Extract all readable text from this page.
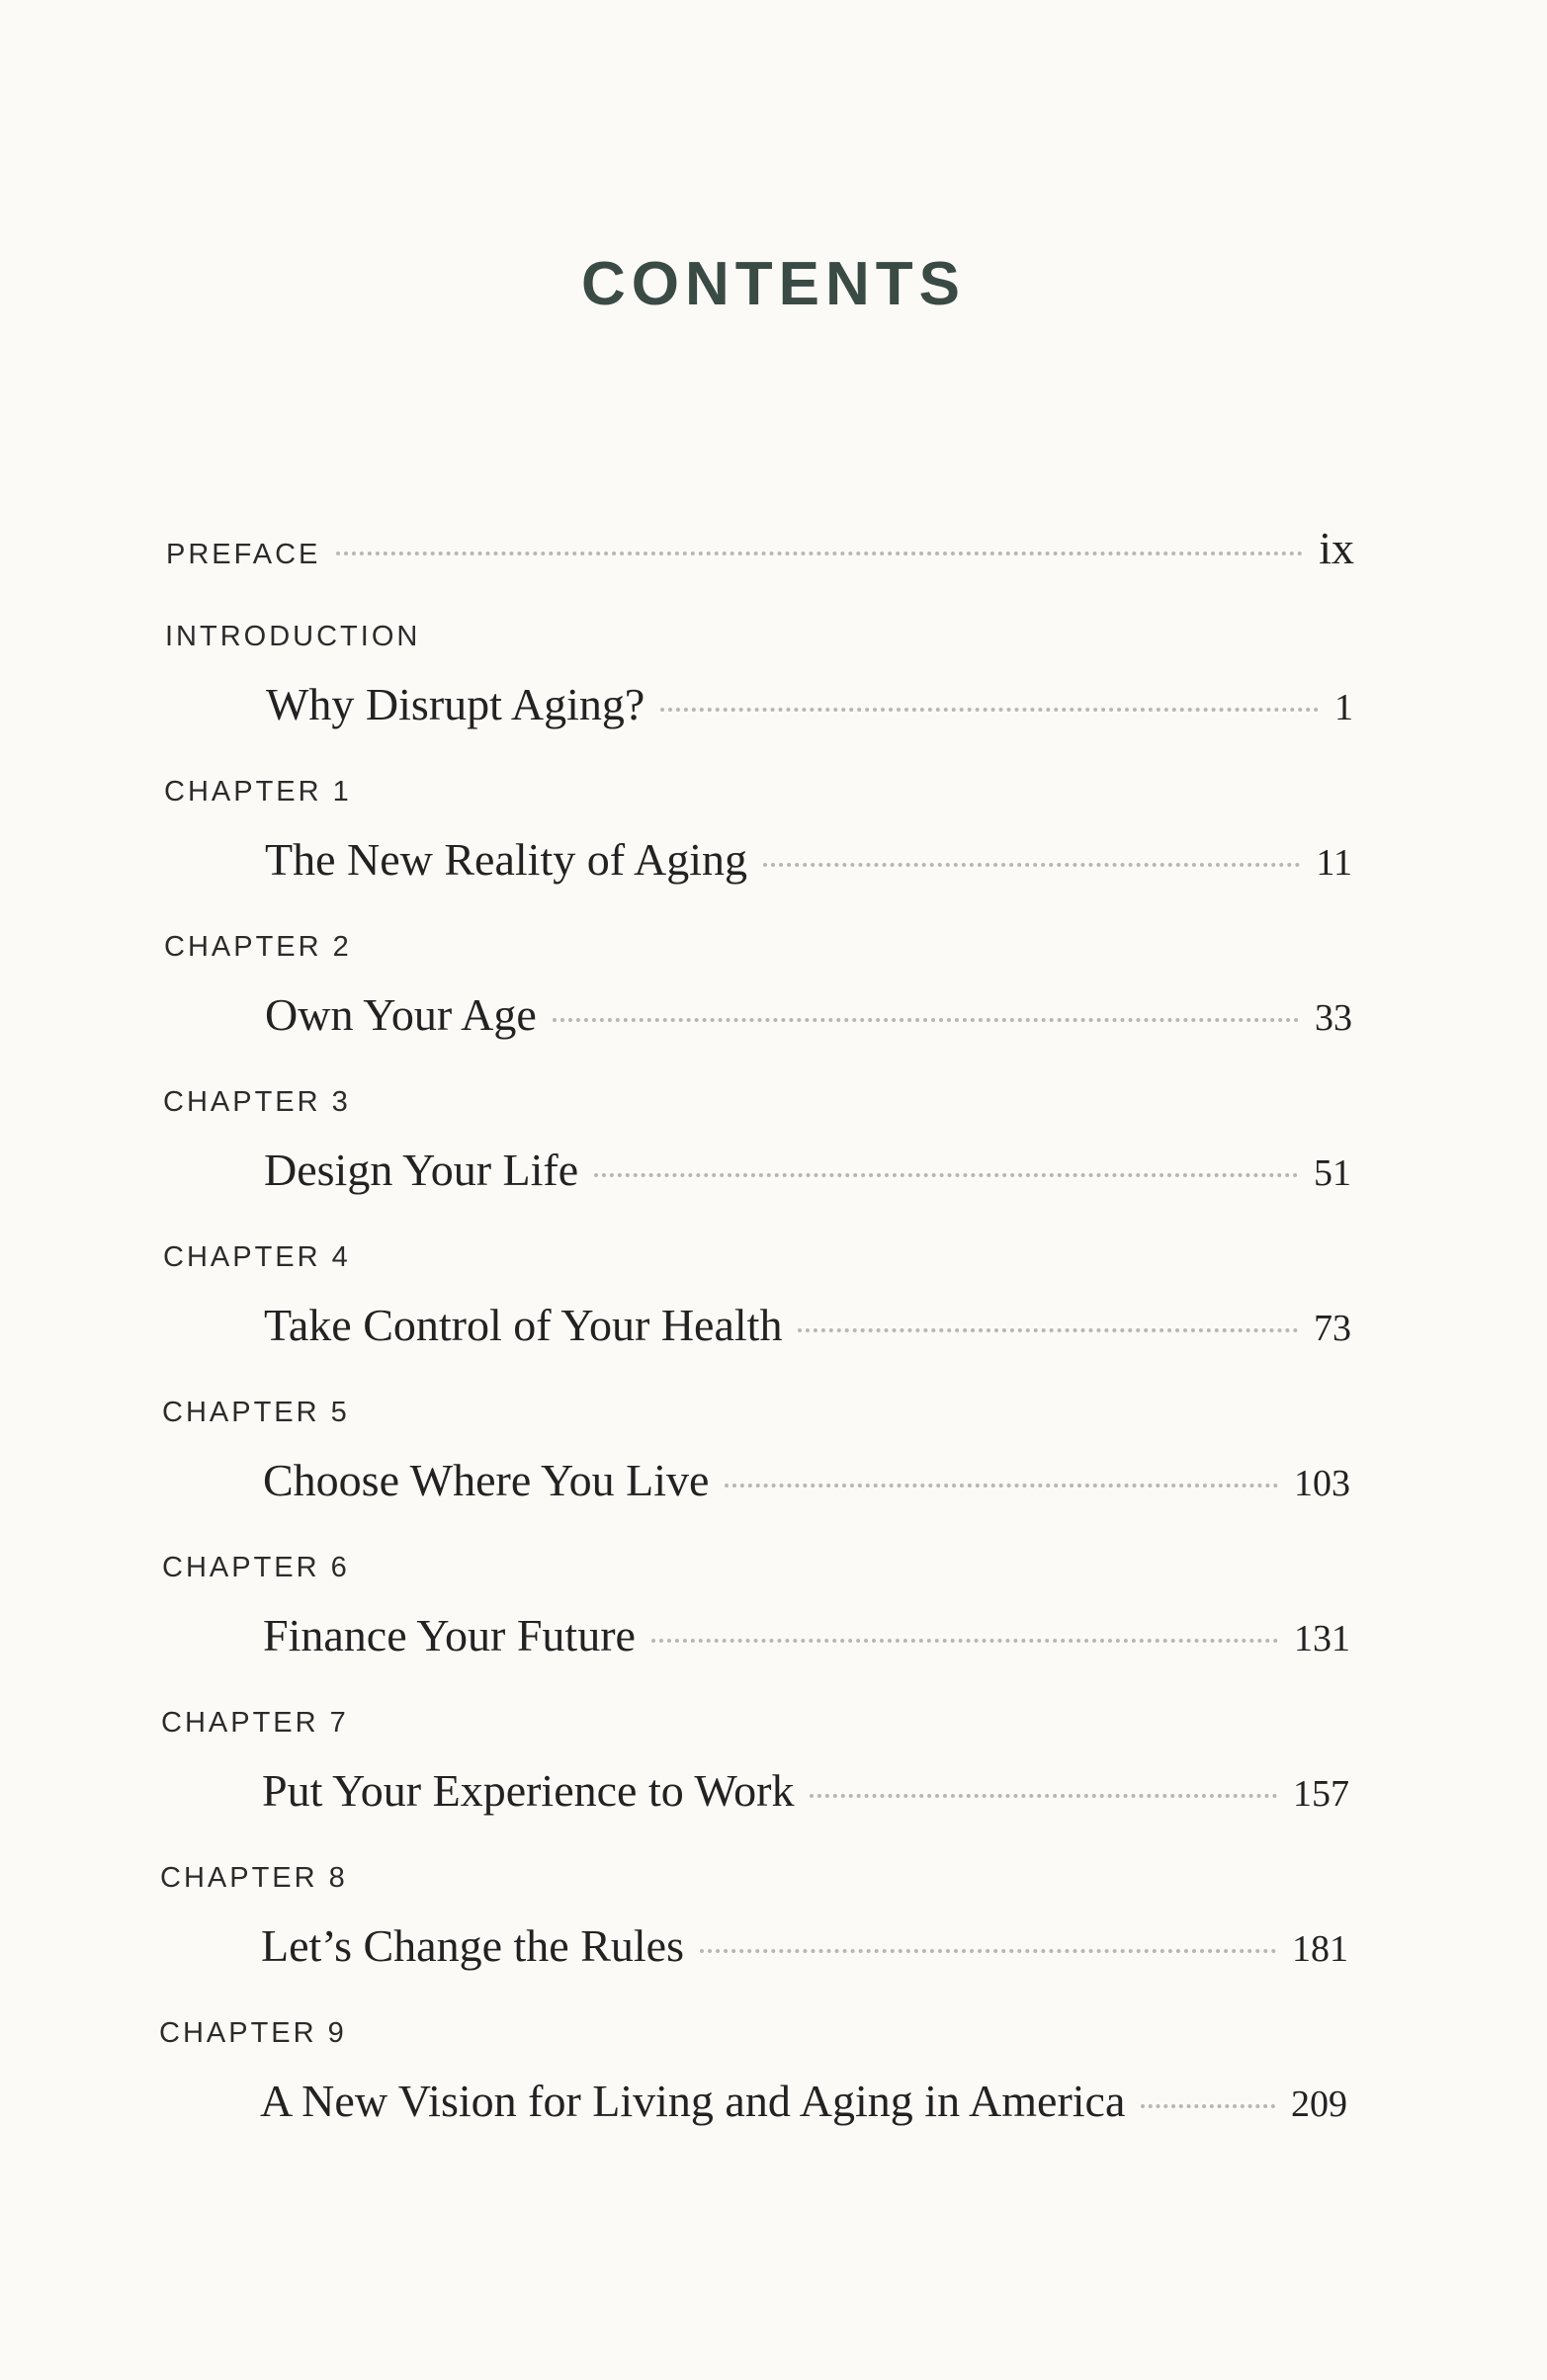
CONTENTS
PREFACE	ix
INTRODUCTION
Why Disrupt Aging?	1
CHAPTER 1
The New Reality of Aging	11
CHAPTER 2
Own Your Age	33
CHAPTER 3
Design Your Life	51
CHAPTER 4
Take Control of Your Health	73
CHAPTER 5
Choose Where You Live	103
CHAPTER 6
Finance Your Future	131
CHAPTER 7
Put Your Experience to Work	157
CHAPTER 8
Let’s Change the Rules	181
CHAPTER 9
A New Vision for Living and Aging in America	209
